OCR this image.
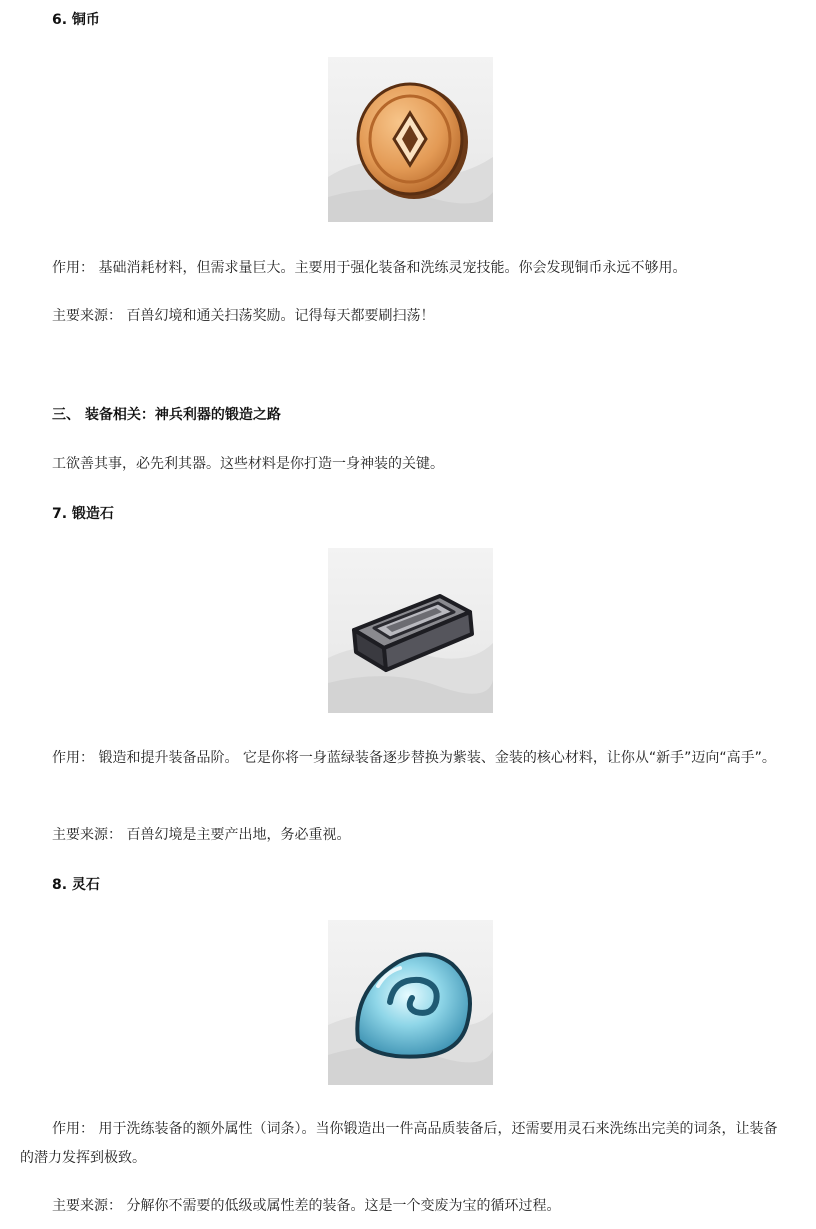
6. 铜币
作用： 基础消耗材料，但需求量巨大。主要用于强化装备和洗练灵宠技能。你会发现铜币永远不够用。
主要来源： 百兽幻境和通关扫荡奖励。记得每天都要刷扫荡！
三、 装备相关：神兵利器的锻造之路
工欲善其事，必先利其器。这些材料是你打造一身神装的关键。
7. 锻造石
作用： 锻造和提升装备品阶。 它是你将一身蓝绿装备逐步替换为紫装、金装的核心材料，让你从“新手”迈向“高手”。
主要来源： 百兽幻境是主要产出地，务必重视。
8. 灵石
作用： 用于洗练装备的额外属性（词条）。当你锻造出一件高品质装备后，还需要用灵石来洗练出完美的词条，让装备的潜力发挥到极致。
主要来源： 分解你不需要的低级或属性差的装备。这是一个变废为宝的循环过程。
